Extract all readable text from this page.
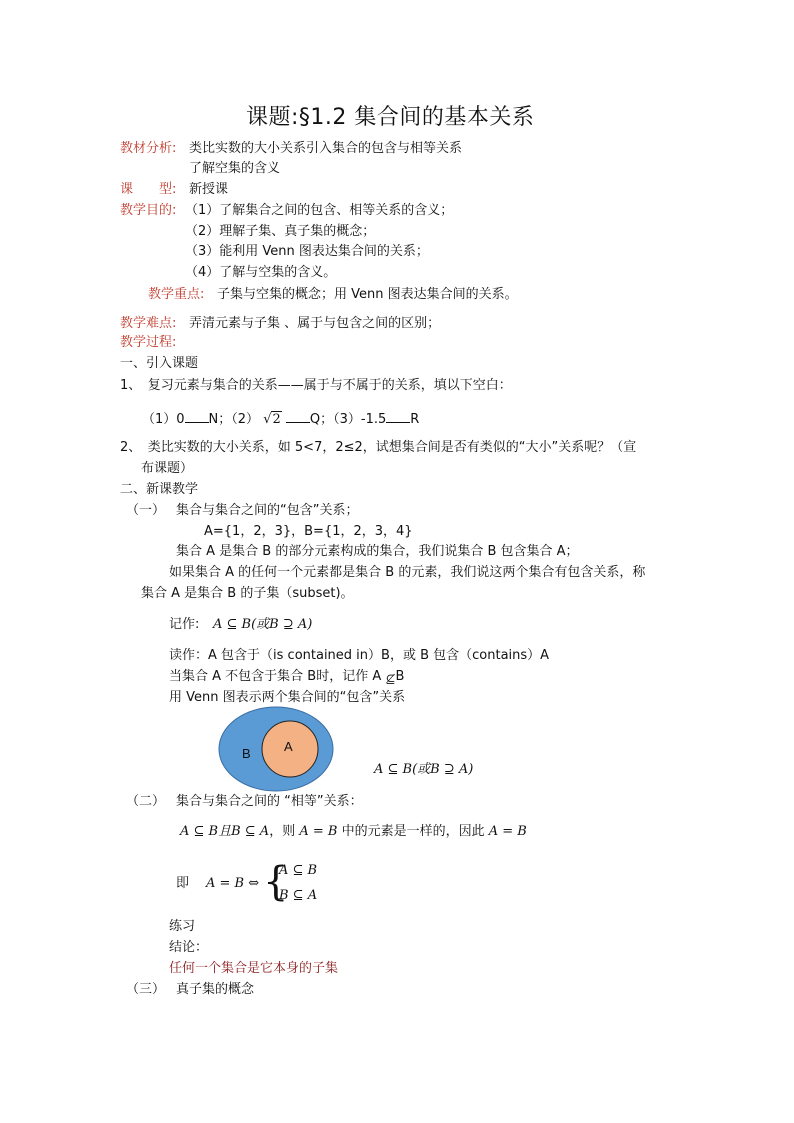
课题:§1.2 集合间的基本关系
教材分析: 类比实数的大小关系引入集合的包含与相等关系
了解空集的含义
课　　型: 新授课
教学目的: （1）了解集合之间的包含、相等关系的含义；
（2）理解子集、真子集的概念；
（3）能利用 Venn 图表达集合间的关系；
（4）了解与空集的含义。
教学重点: 子集与空集的概念；用 Venn 图表达集合间的关系。
教学难点: 弄清元素与子集 、属于与包含之间的区别；
教学过程:
一、引入课题
1、　复习元素与集合的关系——属于与不属于的关系，填以下空白：
（1）0 N；（2） √2 Q；（3）-1.5 R
2、　类比实数的大小关系，如 5<7，2≤2，试想集合间是否有类似的“大小”关系呢？（宣
布课题）
二、新课教学
（一） 集合与集合之间的“包含”关系；
A={1，2，3}，B={1，2，3，4}
集合 A 是集合 B 的部分元素构成的集合，我们说集合 B 包含集合 A；
如果集合 A 的任何一个元素都是集合 B 的元素，我们说这两个集合有包含关系，称
集合 A 是集合 B 的子集（subset)。
记作: A ⊆ B(或B ⊇ A)
读作：A 包含于（is contained in）B，或 B 包含（contains）A
当集合 A 不包含于集合 B时，记作 A ⊈B
用 Venn 图表示两个集合间的“包含”关系
B	A
A ⊆ B(或B ⊇ A)
（二） 集合与集合之间的 “相等”关系：
A ⊆ B且B ⊆ A，则 A = B 中的元素是一样的，因此 A = B
即 A = B ⇔ {
A ⊆ B
B ⊆ A
练习
结论：
任何一个集合是它本身的子集
（三） 真子集的概念
